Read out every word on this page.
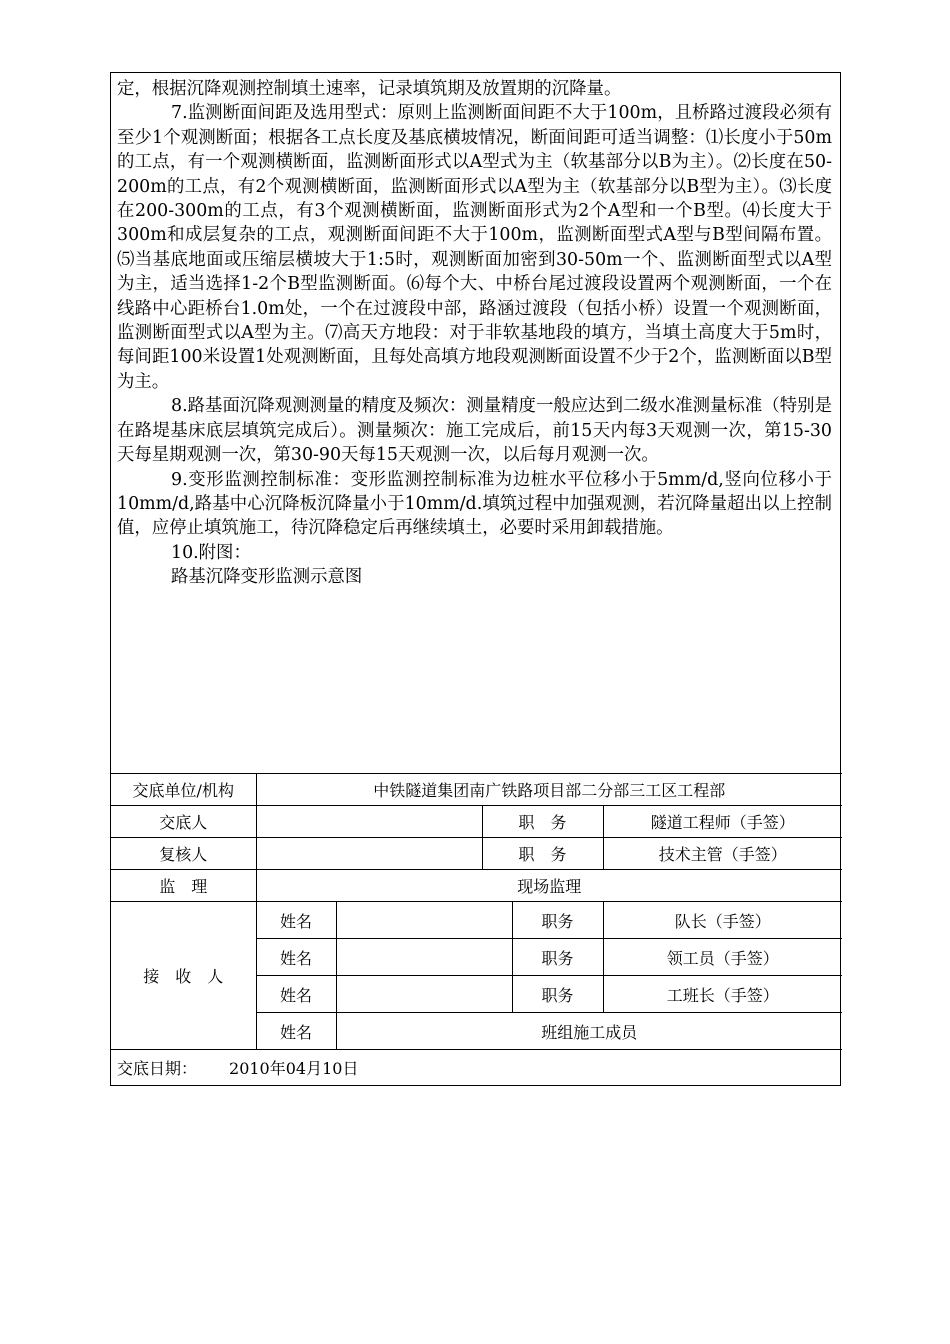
定，根据沉降观测控制填土速率，记录填筑期及放置期的沉降量。

7.监测断面间距及选用型式：原则上监测断面间距不大于100m，且桥路过渡段必须有至少1个观测断面；根据各工点长度及基底横坡情况，断面间距可适当调整：⑴长度小于50m的工点，有一个观测横断面，监测断面形式以A型式为主（软基部分以B为主）。⑵长度在50-200m的工点，有2个观测横断面，监测断面形式以A型为主（软基部分以B型为主）。⑶长度在200-300m的工点，有3个观测横断面，监测断面形式为2个A型和一个B型。⑷长度大于300m和成层复杂的工点，观测断面间距不大于100m，监测断面型式A型与B型间隔布置。⑸当基底地面或压缩层横坡大于1:5时，观测断面加密到30-50m一个、监测断面型式以A型为主，适当选择1-2个B型监测断面。⑹每个大、中桥台尾过渡段设置两个观测断面，一个在线路中心距桥台1.0m处，一个在过渡段中部，路涵过渡段（包括小桥）设置一个观测断面，监测断面型式以A型为主。⑺高天方地段：对于非软基地段的填方，当填土高度大于5m时，每间距100米设置1处观测断面，且每处高填方地段观测断面设置不少于2个，监测断面以B型为主。

8.路基面沉降观测测量的精度及频次：测量精度一般应达到二级水准测量标准（特别是在路堤基床底层填筑完成后）。测量频次：施工完成后，前15天内每3天观测一次，第15-30天每星期观测一次，第30-90天每15天观测一次，以后每月观测一次。

9.变形监测控制标准：变形监测控制标准为边桩水平位移小于5mm/d,竖向位移小于10mm/d,路基中心沉降板沉降量小于10mm/d.填筑过程中加强观测，若沉降量超出以上控制值，应停止填筑施工，待沉降稳定后再继续填土，必要时采用卸载措施。

10.附图：

路基沉降变形监测示意图

交底单位/机构	中铁隧道集团南广铁路项目部二分部三工区工程部				
交底人			职　务		隧道工程师（手签）
复核人			职　务		技术主管（手签）
监　理	现场监理				
接　收　人	姓名			职务	队长（手签）
	姓名			职务	领工员（手签）
	姓名			职务	工班长（手签）
	姓名	班组施工成员			
交底日期： 2010年04月10日					
